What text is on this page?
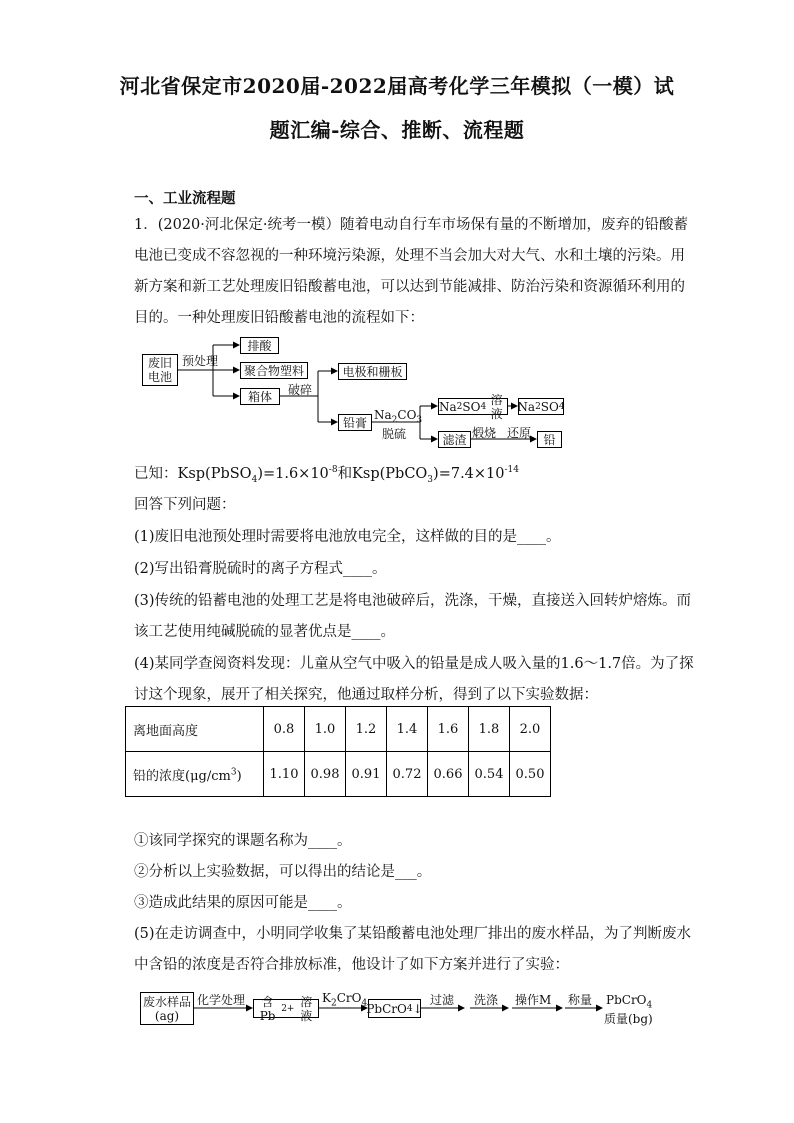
河北省保定市2020届-2022届高考化学三年模拟（一模）试
题汇编-综合、推断、流程题
一、工业流程题
1．(2020·河北保定·统考一模）随着电动自行车市场保有量的不断增加，废弃的铅酸蓄
电池已变成不容忽视的一种环境污染源，处理不当会加大对大气、水和土壤的污染。用
新方案和新工艺处理废旧铅酸蓄电池，可以达到节能减排、防治污染和资源循环利用的
目的。一种处理废旧铅酸蓄电池的流程如下：
废旧电池
预处理
排酸
聚合物塑料
箱体 破碎
电极和栅板
铅膏
$Na_2CO_3$
脱硫
Na 2 SO 4 溶液	Na 2 SO 4
滤渣 煅烧 还原 铅
已知：$Ksp(PbSO_4)=1.6\times 10^{-8}$和$Ksp(PbCO_3)=7.4\times 10^{-14}$
回答下列问题：
(1)废旧电池预处理时需要将电池放电完全，这样做的目的是____。
(2)写出铅膏脱硫时的离子方程式____。
(3)传统的铅蓄电池的处理工艺是将电池破碎后，洗涤，干燥，直接送入回转炉熔炼。而
该工艺使用纯碱脱硫的显著优点是____。
(4)某同学查阅资料发现：儿童从空气中吸入的铅量是成人吸入量的1.6～1.7倍。为了探
讨这个现象，展开了相关探究，他通过取样分析，得到了以下实验数据：
离地面高度	0.8	1.0	1.2	1.4	1.6	1.8	2.0
铅的浓度$(\mu g/cm^3)$	1.10	0.98	0.91	0.72	0.66	0.54	0.50
①该同学探究的课题名称为____。
②分析以上实验数据，可以得出的结论是___。
③造成此结果的原因可能是____。
(5)在走访调查中，小明同学收集了某铅酸蓄电池处理厂排出的废水样品，为了判断废水
中含铅的浓度是否符合排放标准，他设计了如下方案并进行了实验：
废水样品
(ag)
化学处理	含Pb 2+ 溶液
$K_2CrO_4$ PbCrO 4 ↓
过滤 洗涤 操作M 称量 PbCrO$_4$
质量(bg)
